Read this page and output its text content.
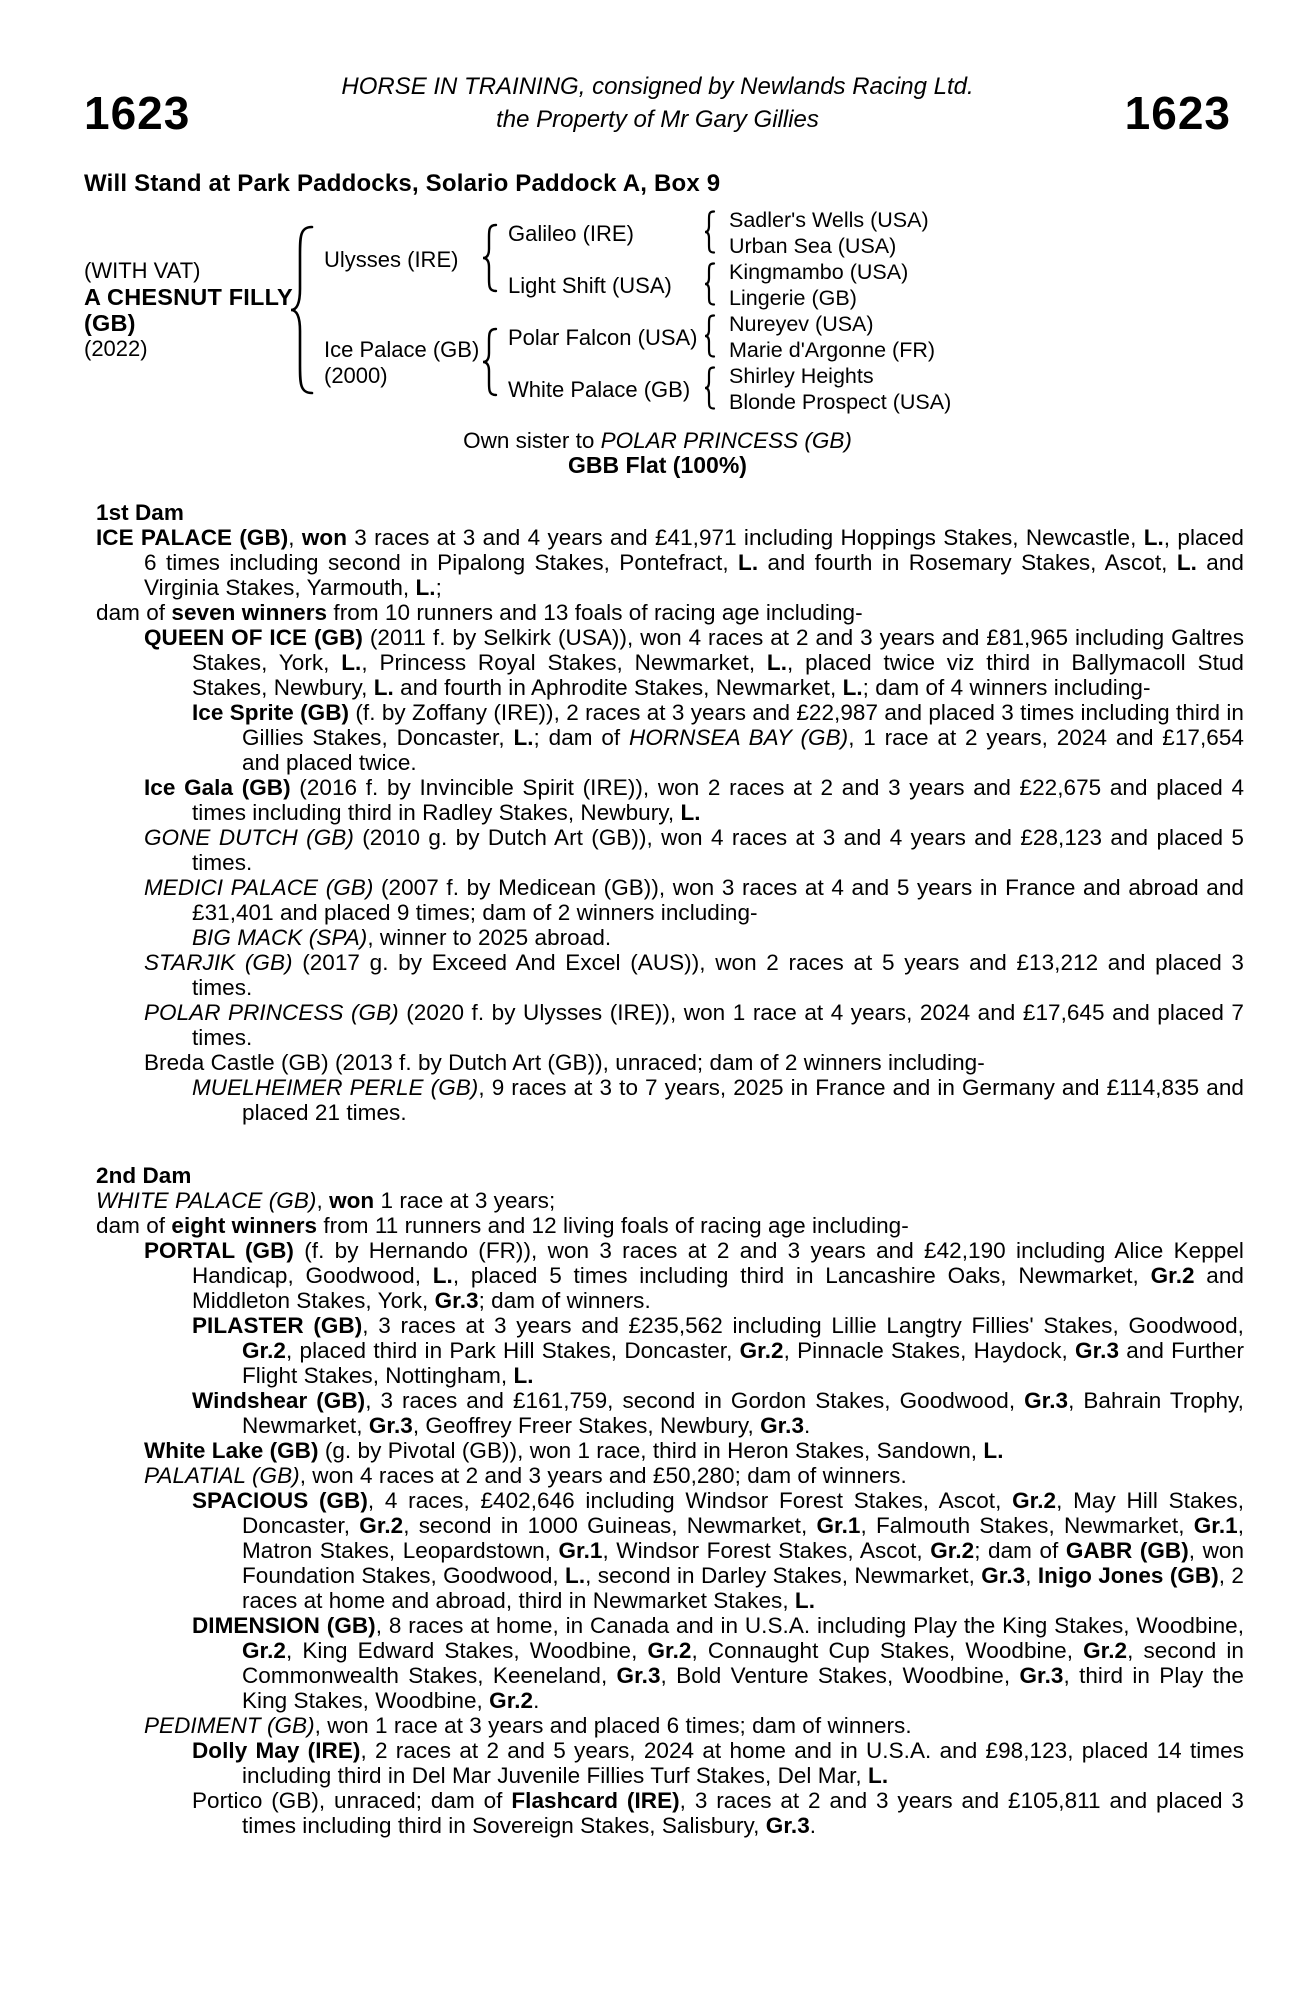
1623
HORSE IN TRAINING, consigned by Newlands Racing Ltd.
the Property of Mr Gary Gillies	1623
Will Stand at Park Paddocks, Solario Paddock A, Box 9
(WITH VAT)
A CHESNUT FILLY
(GB)
(2022)
Ulysses (IRE)
Ice Palace (GB)
(2000)
Galileo (IRE)
Light Shift (USA)
Polar Falcon (USA)
White Palace (GB)
Sadler's Wells (USA)
Urban Sea (USA)
Kingmambo (USA)
Lingerie (GB)
Nureyev (USA)
Marie d'Argonne (FR)
Shirley Heights
Blonde Prospect (USA)
Own sister to POLAR PRINCESS (GB)
GBB Flat (100%)
1st Dam
ICE PALACE (GB), won 3 races at 3 and 4 years and £41,971 including Hoppings Stakes, Newcastle, L., placed 6 times including second in Pipalong Stakes, Pontefract, L. and fourth in Rosemary Stakes, Ascot, L. and Virginia Stakes, Yarmouth, L.;
dam of seven winners from 10 runners and 13 foals of racing age including-
QUEEN OF ICE (GB) (2011 f. by Selkirk (USA)), won 4 races at 2 and 3 years and £81,965 including Galtres Stakes, York, L., Princess Royal Stakes, Newmarket, L., placed twice viz third in Ballymacoll Stud Stakes, Newbury, L. and fourth in Aphrodite Stakes, Newmarket, L.; dam of 4 winners including-
Ice Sprite (GB) (f. by Zoffany (IRE)), 2 races at 3 years and £22,987 and placed 3 times including third in Gillies Stakes, Doncaster, L.; dam of HORNSEA BAY (GB), 1 race at 2 years, 2024 and £17,654 and placed twice.
Ice Gala (GB) (2016 f. by Invincible Spirit (IRE)), won 2 races at 2 and 3 years and £22,675 and placed 4 times including third in Radley Stakes, Newbury, L.
GONE DUTCH (GB) (2010 g. by Dutch Art (GB)), won 4 races at 3 and 4 years and £28,123 and placed 5 times.
MEDICI PALACE (GB) (2007 f. by Medicean (GB)), won 3 races at 4 and 5 years in France and abroad and £31,401 and placed 9 times; dam of 2 winners including-
BIG MACK (SPA), winner to 2025 abroad.
STARJIK (GB) (2017 g. by Exceed And Excel (AUS)), won 2 races at 5 years and £13,212 and placed 3 times.
POLAR PRINCESS (GB) (2020 f. by Ulysses (IRE)), won 1 race at 4 years, 2024 and £17,645 and placed 7 times.
Breda Castle (GB) (2013 f. by Dutch Art (GB)), unraced; dam of 2 winners including-
MUELHEIMER PERLE (GB), 9 races at 3 to 7 years, 2025 in France and in Germany and £114,835 and placed 21 times.
2nd Dam
WHITE PALACE (GB), won 1 race at 3 years;
dam of eight winners from 11 runners and 12 living foals of racing age including-
PORTAL (GB) (f. by Hernando (FR)), won 3 races at 2 and 3 years and £42,190 including Alice Keppel Handicap, Goodwood, L., placed 5 times including third in Lancashire Oaks, Newmarket, Gr.2 and Middleton Stakes, York, Gr.3; dam of winners.
PILASTER (GB), 3 races at 3 years and £235,562 including Lillie Langtry Fillies' Stakes, Goodwood, Gr.2, placed third in Park Hill Stakes, Doncaster, Gr.2, Pinnacle Stakes, Haydock, Gr.3 and Further Flight Stakes, Nottingham, L.
Windshear (GB), 3 races and £161,759, second in Gordon Stakes, Goodwood, Gr.3, Bahrain Trophy, Newmarket, Gr.3, Geoffrey Freer Stakes, Newbury, Gr.3.
White Lake (GB) (g. by Pivotal (GB)), won 1 race, third in Heron Stakes, Sandown, L.
PALATIAL (GB), won 4 races at 2 and 3 years and £50,280; dam of winners.
SPACIOUS (GB), 4 races, £402,646 including Windsor Forest Stakes, Ascot, Gr.2, May Hill Stakes, Doncaster, Gr.2, second in 1000 Guineas, Newmarket, Gr.1, Falmouth Stakes, Newmarket, Gr.1, Matron Stakes, Leopardstown, Gr.1, Windsor Forest Stakes, Ascot, Gr.2; dam of GABR (GB), won Foundation Stakes, Goodwood, L., second in Darley Stakes, Newmarket, Gr.3, Inigo Jones (GB), 2 races at home and abroad, third in Newmarket Stakes, L.
DIMENSION (GB), 8 races at home, in Canada and in U.S.A. including Play the King Stakes, Woodbine, Gr.2, King Edward Stakes, Woodbine, Gr.2, Connaught Cup Stakes, Woodbine, Gr.2, second in Commonwealth Stakes, Keeneland, Gr.3, Bold Venture Stakes, Woodbine, Gr.3, third in Play the King Stakes, Woodbine, Gr.2.
PEDIMENT (GB), won 1 race at 3 years and placed 6 times; dam of winners.
Dolly May (IRE), 2 races at 2 and 5 years, 2024 at home and in U.S.A. and £98,123, placed 14 times including third in Del Mar Juvenile Fillies Turf Stakes, Del Mar, L.
Portico (GB), unraced; dam of Flashcard (IRE), 3 races at 2 and 3 years and £105,811 and placed 3 times including third in Sovereign Stakes, Salisbury, Gr.3.
